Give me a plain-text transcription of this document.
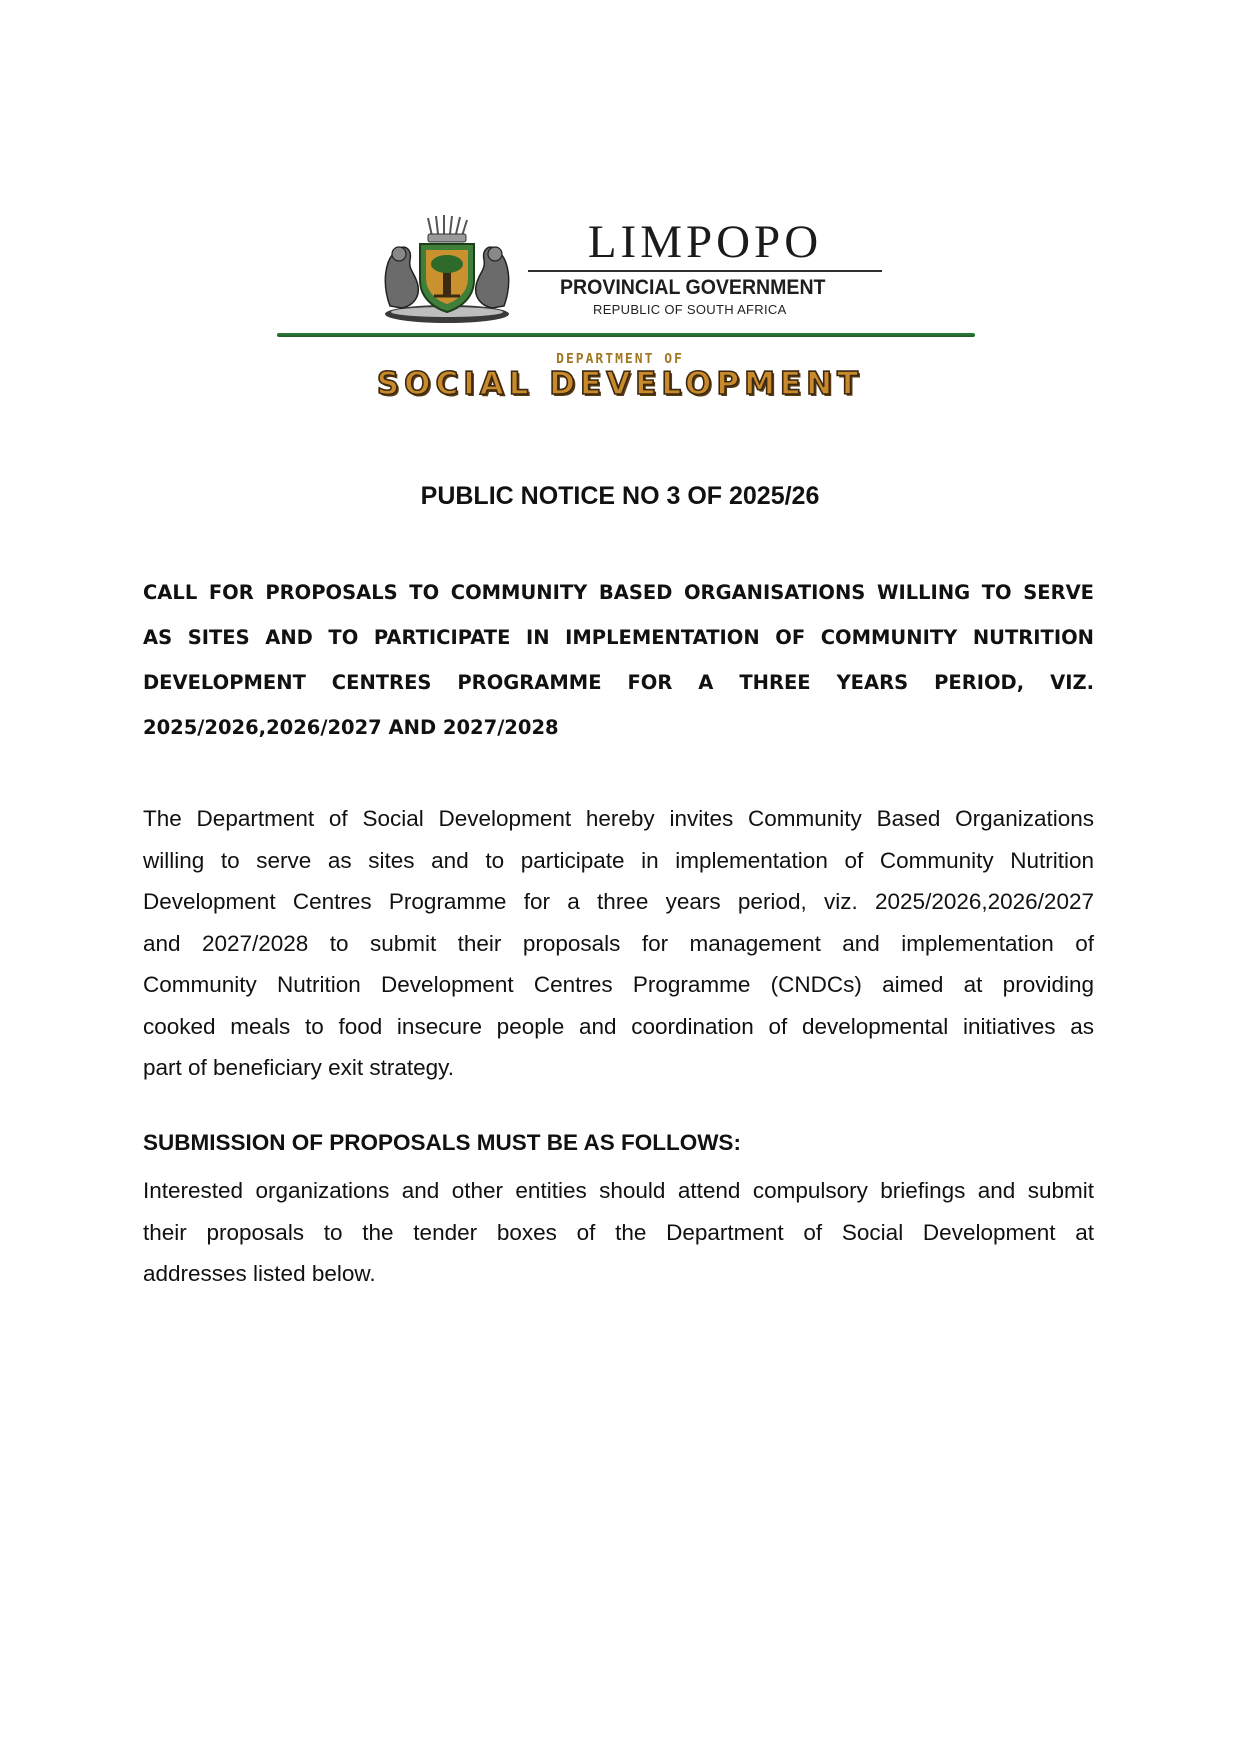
LIMPOPO
PROVINCIAL GOVERNMENT
REPUBLIC OF SOUTH AFRICA
DEPARTMENT OF
SOCIAL DEVELOPMENT
PUBLIC NOTICE NO 3 OF 2025/26
CALL FOR PROPOSALS TO COMMUNITY BASED ORGANISATIONS WILLING TO SERVE
AS SITES AND TO PARTICIPATE IN IMPLEMENTATION OF COMMUNITY NUTRITION
DEVELOPMENT CENTRES PROGRAMME FOR A THREE YEARS PERIOD, VIZ.
2025/2026,2026/2027 AND 2027/2028
The Department of Social Development hereby invites Community Based Organizations
willing to serve as sites and to participate in implementation of Community Nutrition
Development Centres Programme for a three years period, viz. 2025/2026,2026/2027
and 2027/2028 to submit their proposals for management and implementation of
Community Nutrition Development Centres Programme (CNDCs) aimed at providing
cooked meals to food insecure people and coordination of developmental initiatives as
part of beneficiary exit strategy.
SUBMISSION OF PROPOSALS MUST BE AS FOLLOWS:
Interested organizations and other entities should attend compulsory briefings and submit
their proposals to the tender boxes of the Department of Social Development at
addresses listed below.
